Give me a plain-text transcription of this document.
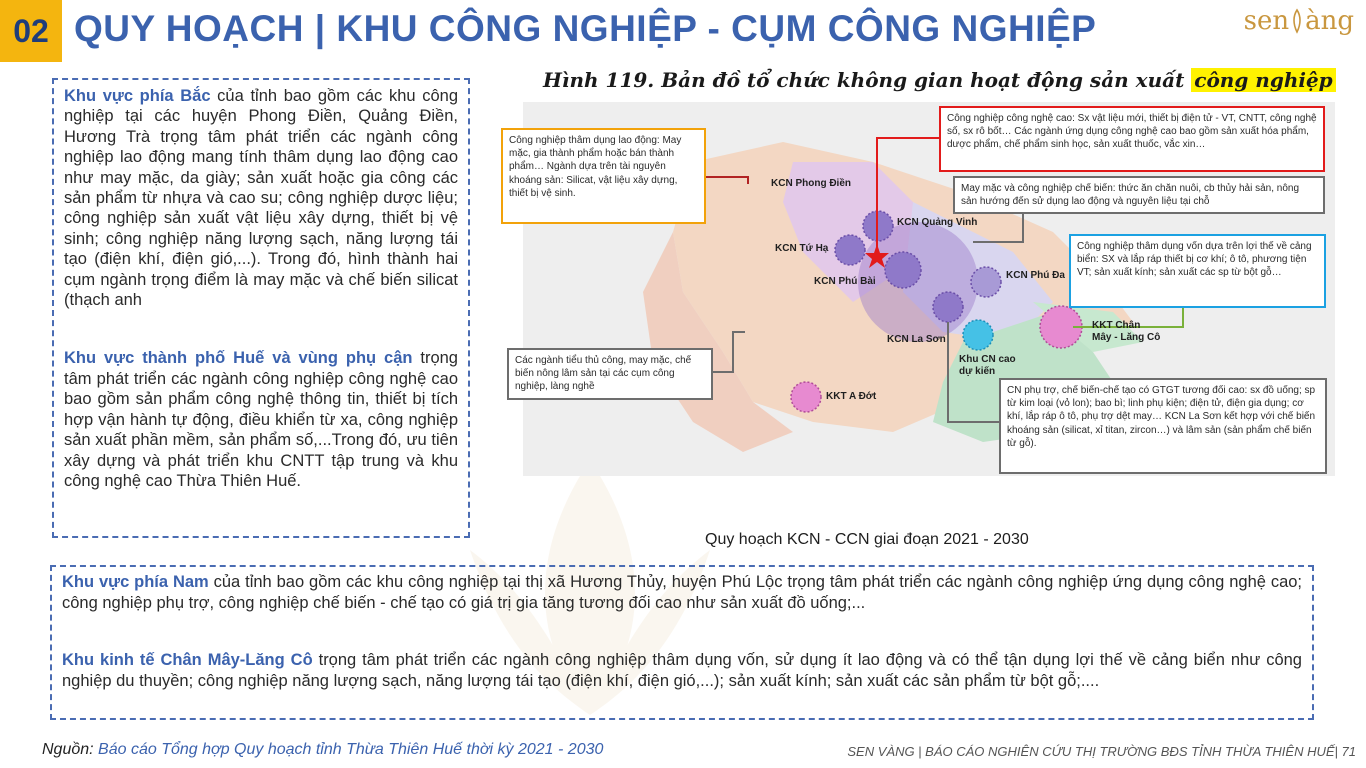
02 QUY HOẠCH | KHU CÔNG NGHIỆP - CỤM CÔNG NGHIỆP	sen àng

Khu vực phía Bắc của tỉnh bao gồm các khu công nghiệp tại các huyện Phong Điền, Quảng Điền, Hương Trà trọng tâm phát triển các ngành công nghiệp lao động mang tính thâm dụng lao động cao như may mặc, da giày; sản xuất hoặc gia công các sản phẩm từ nhựa và cao su; công nghiệp dược liệu; công nghiệp sản xuất vật liệu xây dựng, thiết bị vệ sinh; công nghiệp năng lượng sạch, năng lượng tái tạo (điện khí, điện gió,...). Trong đó, hình thành hai cụm ngành trọng điểm là may mặc và chế biến silicat (thạch anh

Khu vực thành phố Huế và vùng phụ cận trọng tâm phát triển các ngành công nghiệp công nghệ cao bao gồm sản phẩm công nghệ thông tin, thiết bị tích hợp vận hành tự động, điều khiển từ xa, công nghiệp sản xuất phần mềm, sản phẩm số,...Trong đó, ưu tiên xây dựng và phát triển khu CNTT tập trung và khu công nghệ cao Thừa Thiên Huế.

Hình 119. Bản đồ tổ chức không gian hoạt động sản xuất công nghiệp
Công nghiệp thâm dụng lao động: May mặc, gia thành phẩm hoặc bán thành phẩm… Ngành dựa trên tài nguyên khoáng sản: Silicat, vật liệu xây dựng, thiết bị vệ sinh.
Công nghiệp công nghệ cao: Sx vật liệu mới, thiết bị điện tử - VT, CNTT, công nghệ số, sx rô bốt… Các ngành ứng dụng công nghệ cao bao gồm sản xuất hóa phẩm, dược phẩm, chế phẩm sinh học, sản xuất thuốc, vắc xin…
May mặc và công nghiệp chế biến: thức ăn chăn nuôi, cb thủy hải sản, nông sản hướng đến sử dụng lao động và nguyên liệu tại chỗ
Công nghiệp thâm dụng vốn dựa trên lợi thế về cảng biển: SX và lắp ráp thiết bị cơ khí; ô tô, phương tiện VT; sản xuất kính; sản xuất các sp từ bột gỗ…
Các ngành tiểu thủ công, may mặc, chế biến nông lâm sản tại các cụm công nghiệp, làng nghề	CN phụ trợ, chế biến-chế tạo có GTGT tương đối cao: sx đồ uống; sp từ kim loại (vỏ lon); bao bì; linh phụ kiện; điện tử, điện gia dụng; cơ khí, lắp ráp ô tô, phụ trợ dệt may… KCN La Sơn kết hợp với chế biến khoáng sản (silicat, xỉ titan, zircon…) và lâm sản (sản phẩm chế biến từ gỗ).
KCN Phong Điền
KCN Quảng Vinh
KCN Tứ Hạ
KCN Phú Bài
KCN Phú Đa
KKT Chân Mây - Lăng Cô
KCN La Sơn
Khu CN cao dự kiến
KKT A Đớt
Quy hoạch KCN - CCN giai đoạn 2021 - 2030

Khu vực phía Nam của tỉnh bao gồm các khu công nghiệp tại thị xã Hương Thủy, huyện Phú Lộc trọng tâm phát triển các ngành công nghiệp ứng dụng công nghệ cao; công nghiệp phụ trợ, công nghiệp chế biến - chế tạo có giá trị gia tăng tương đối cao như sản xuất đồ uống;...

Khu kinh tế Chân Mây-Lăng Cô trọng tâm phát triển các ngành công nghiệp thâm dụng vốn, sử dụng ít lao động và có thể tận dụng lợi thế về cảng biển như công nghiệp du thuyền; công nghiệp năng lượng sạch, năng lượng tái tạo (điện khí, điện gió,...); sản xuất kính; sản xuất các sản phẩm từ bột gỗ;....

Nguồn: Báo cáo Tổng hợp Quy hoạch tỉnh Thừa Thiên Huế thời kỳ 2021 - 2030	SEN VÀNG | BÁO CÁO NGHIÊN CỨU THỊ TRƯỜNG BĐS TỈNH THỪA THIÊN HUẾ| 71
